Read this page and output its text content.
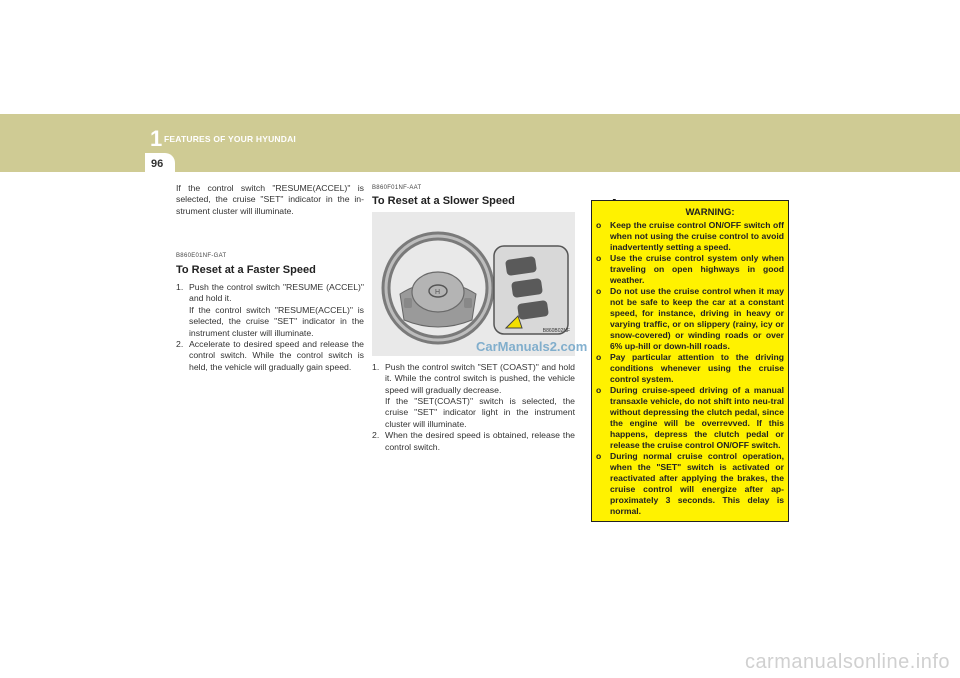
1 FEATURES OF YOUR HYUNDAI
96

If the control switch "RESUME(ACCEL)" is selected, the cruise "SET" indicator in the in-strument cluster will illuminate.

B860E01NF-GAT
To Reset at a Faster Speed
1. Push the control switch "RESUME (ACCEL)" and hold it.
If the control switch "RESUME(ACCEL)" is selected, the cruise "SET" indicator in the instrument cluster will illuminate.
2. Accelerate to desired speed and release the control switch. While the control switch is held, the vehicle will gradually gain speed.
B860F01NF-AAT
To Reset at a Slower Speed
H
B860B02NF
CarManuals2.com
1. Push the control switch "SET (COAST)" and hold it. While the control switch is pushed, the vehicle speed will gradually decrease.
If the "SET(COAST)" switch is selected, the cruise "SET" indicator light in the instrument cluster will illuminate.
2. When the desired speed is obtained, release the control switch.
WARNING:
o Keep the cruise control ON/OFF switch off when not using the cruise control to avoid inadvertently setting a speed.
o Use the cruise control system only when traveling on open highways in good weather.
o Do not use the cruise control when it may not be safe to keep the car at a constant speed, for instance, driving in heavy or varying traffic, or on slippery (rainy, icy or snow-covered) or winding roads or over 6% up-hill or down-hill roads.
o Pay particular attention to the driving conditions whenever using the cruise control system.
o During cruise-speed driving of a manual transaxle vehicle, do not shift into neu-tral without depressing the clutch pedal, since the engine will be overrevved. If this happens, depress the clutch pedal or release the cruise control ON/OFF switch.
o During normal cruise control operation, when the "SET" switch is activated or reactivated after applying the brakes, the cruise control will energize after ap-proximately 3 seconds. This delay is normal.
carmanualsonline.info
